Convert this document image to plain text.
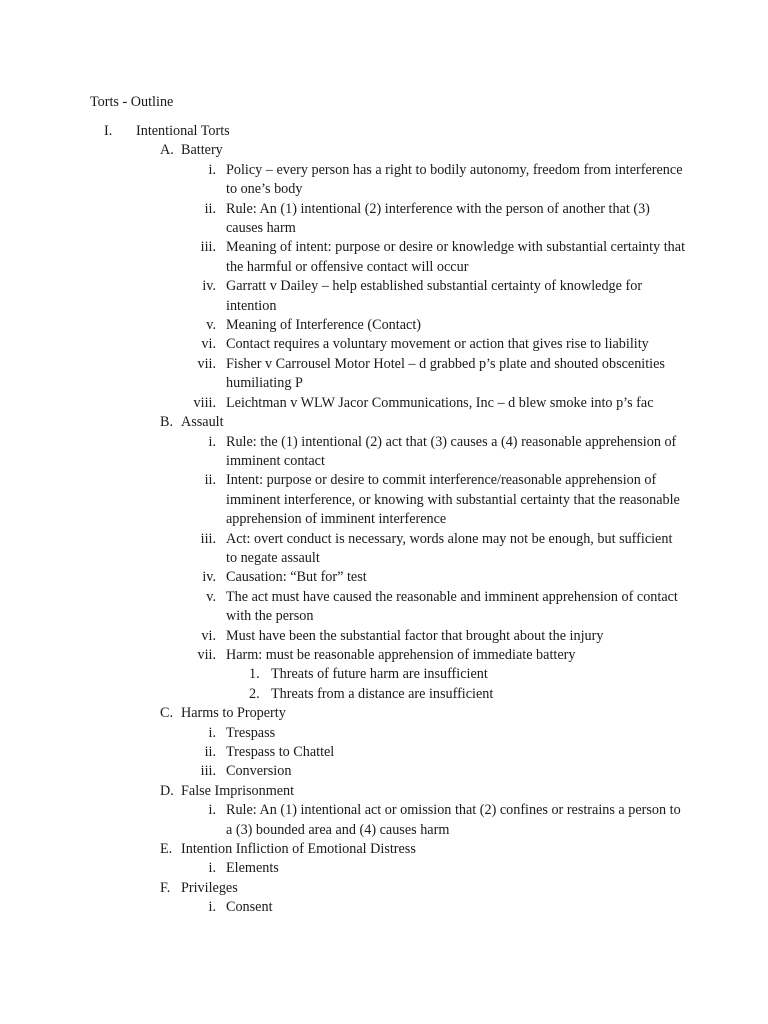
Torts - Outline
I. Intentional Torts
A. Battery
i. Policy – every person has a right to bodily autonomy, freedom from interference to one’s body
ii. Rule: An (1) intentional (2) interference with the person of another that (3) causes harm
iii. Meaning of intent: purpose or desire or knowledge with substantial certainty that the harmful or offensive contact will occur
iv. Garratt v Dailey – help established substantial certainty of knowledge for intention
v. Meaning of Interference (Contact)
vi. Contact requires a voluntary movement or action that gives rise to liability
vii. Fisher v Carrousel Motor Hotel – d grabbed p’s plate and shouted obscenities humiliating P
viii. Leichtman v WLW Jacor Communications, Inc – d blew smoke into p’s fac
B. Assault
i. Rule: the (1) intentional (2) act that (3) causes a (4) reasonable apprehension of imminent contact
ii. Intent: purpose or desire to commit interference/reasonable apprehension of imminent interference, or knowing with substantial certainty that the reasonable apprehension of imminent interference
iii. Act: overt conduct is necessary, words alone may not be enough, but sufficient to negate assault
iv. Causation: “But for” test
v. The act must have caused the reasonable and imminent apprehension of contact with the person
vi. Must have been the substantial factor that brought about the injury
vii. Harm: must be reasonable apprehension of immediate battery
1. Threats of future harm are insufficient
2. Threats from a distance are insufficient
C. Harms to Property
i. Trespass
ii. Trespass to Chattel
iii. Conversion
D. False Imprisonment
i. Rule: An (1) intentional act or omission that (2) confines or restrains a person to a (3) bounded area and (4) causes harm
E. Intention Infliction of Emotional Distress
i. Elements
F. Privileges
i. Consent
